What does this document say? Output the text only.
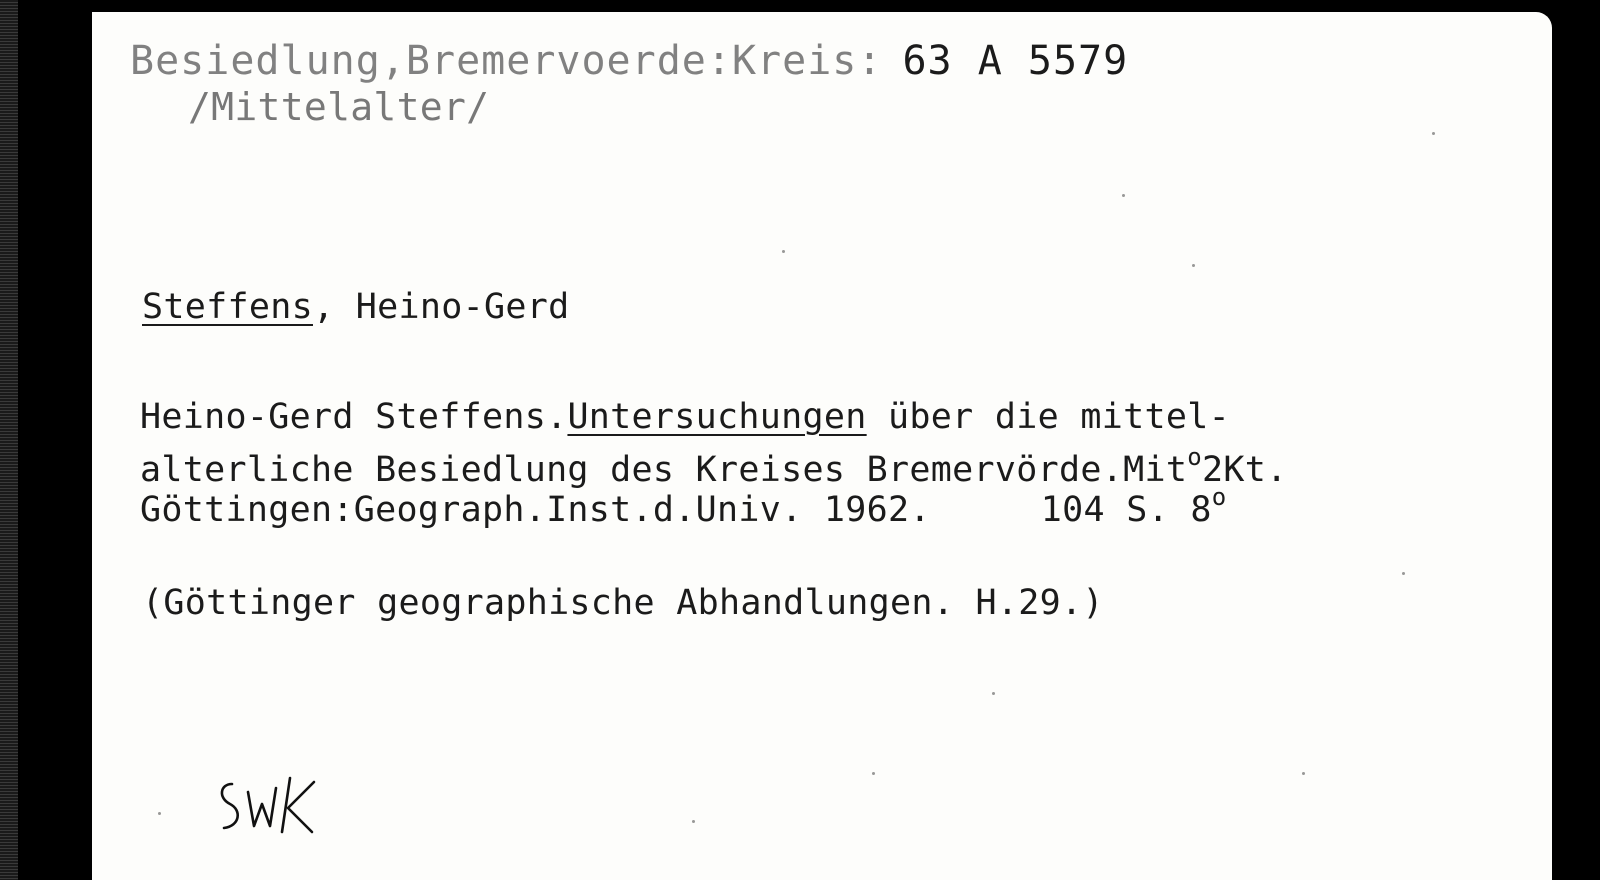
Besiedlung,Bremervoerde:Kreis: 63 A 5579

/Mittelalter/

Steffens, Heino-Gerd

Heino-Gerd Steffens.Untersuchungen über die mittel-

alterliche Besiedlung des Kreises Bremervörde.Mit$^o$2Kt.

Göttingen:Geograph.Inst.d.Univ. 1962.	104 S. 8$^o$

(Göttinger geographische Abhandlungen. H.29.)
